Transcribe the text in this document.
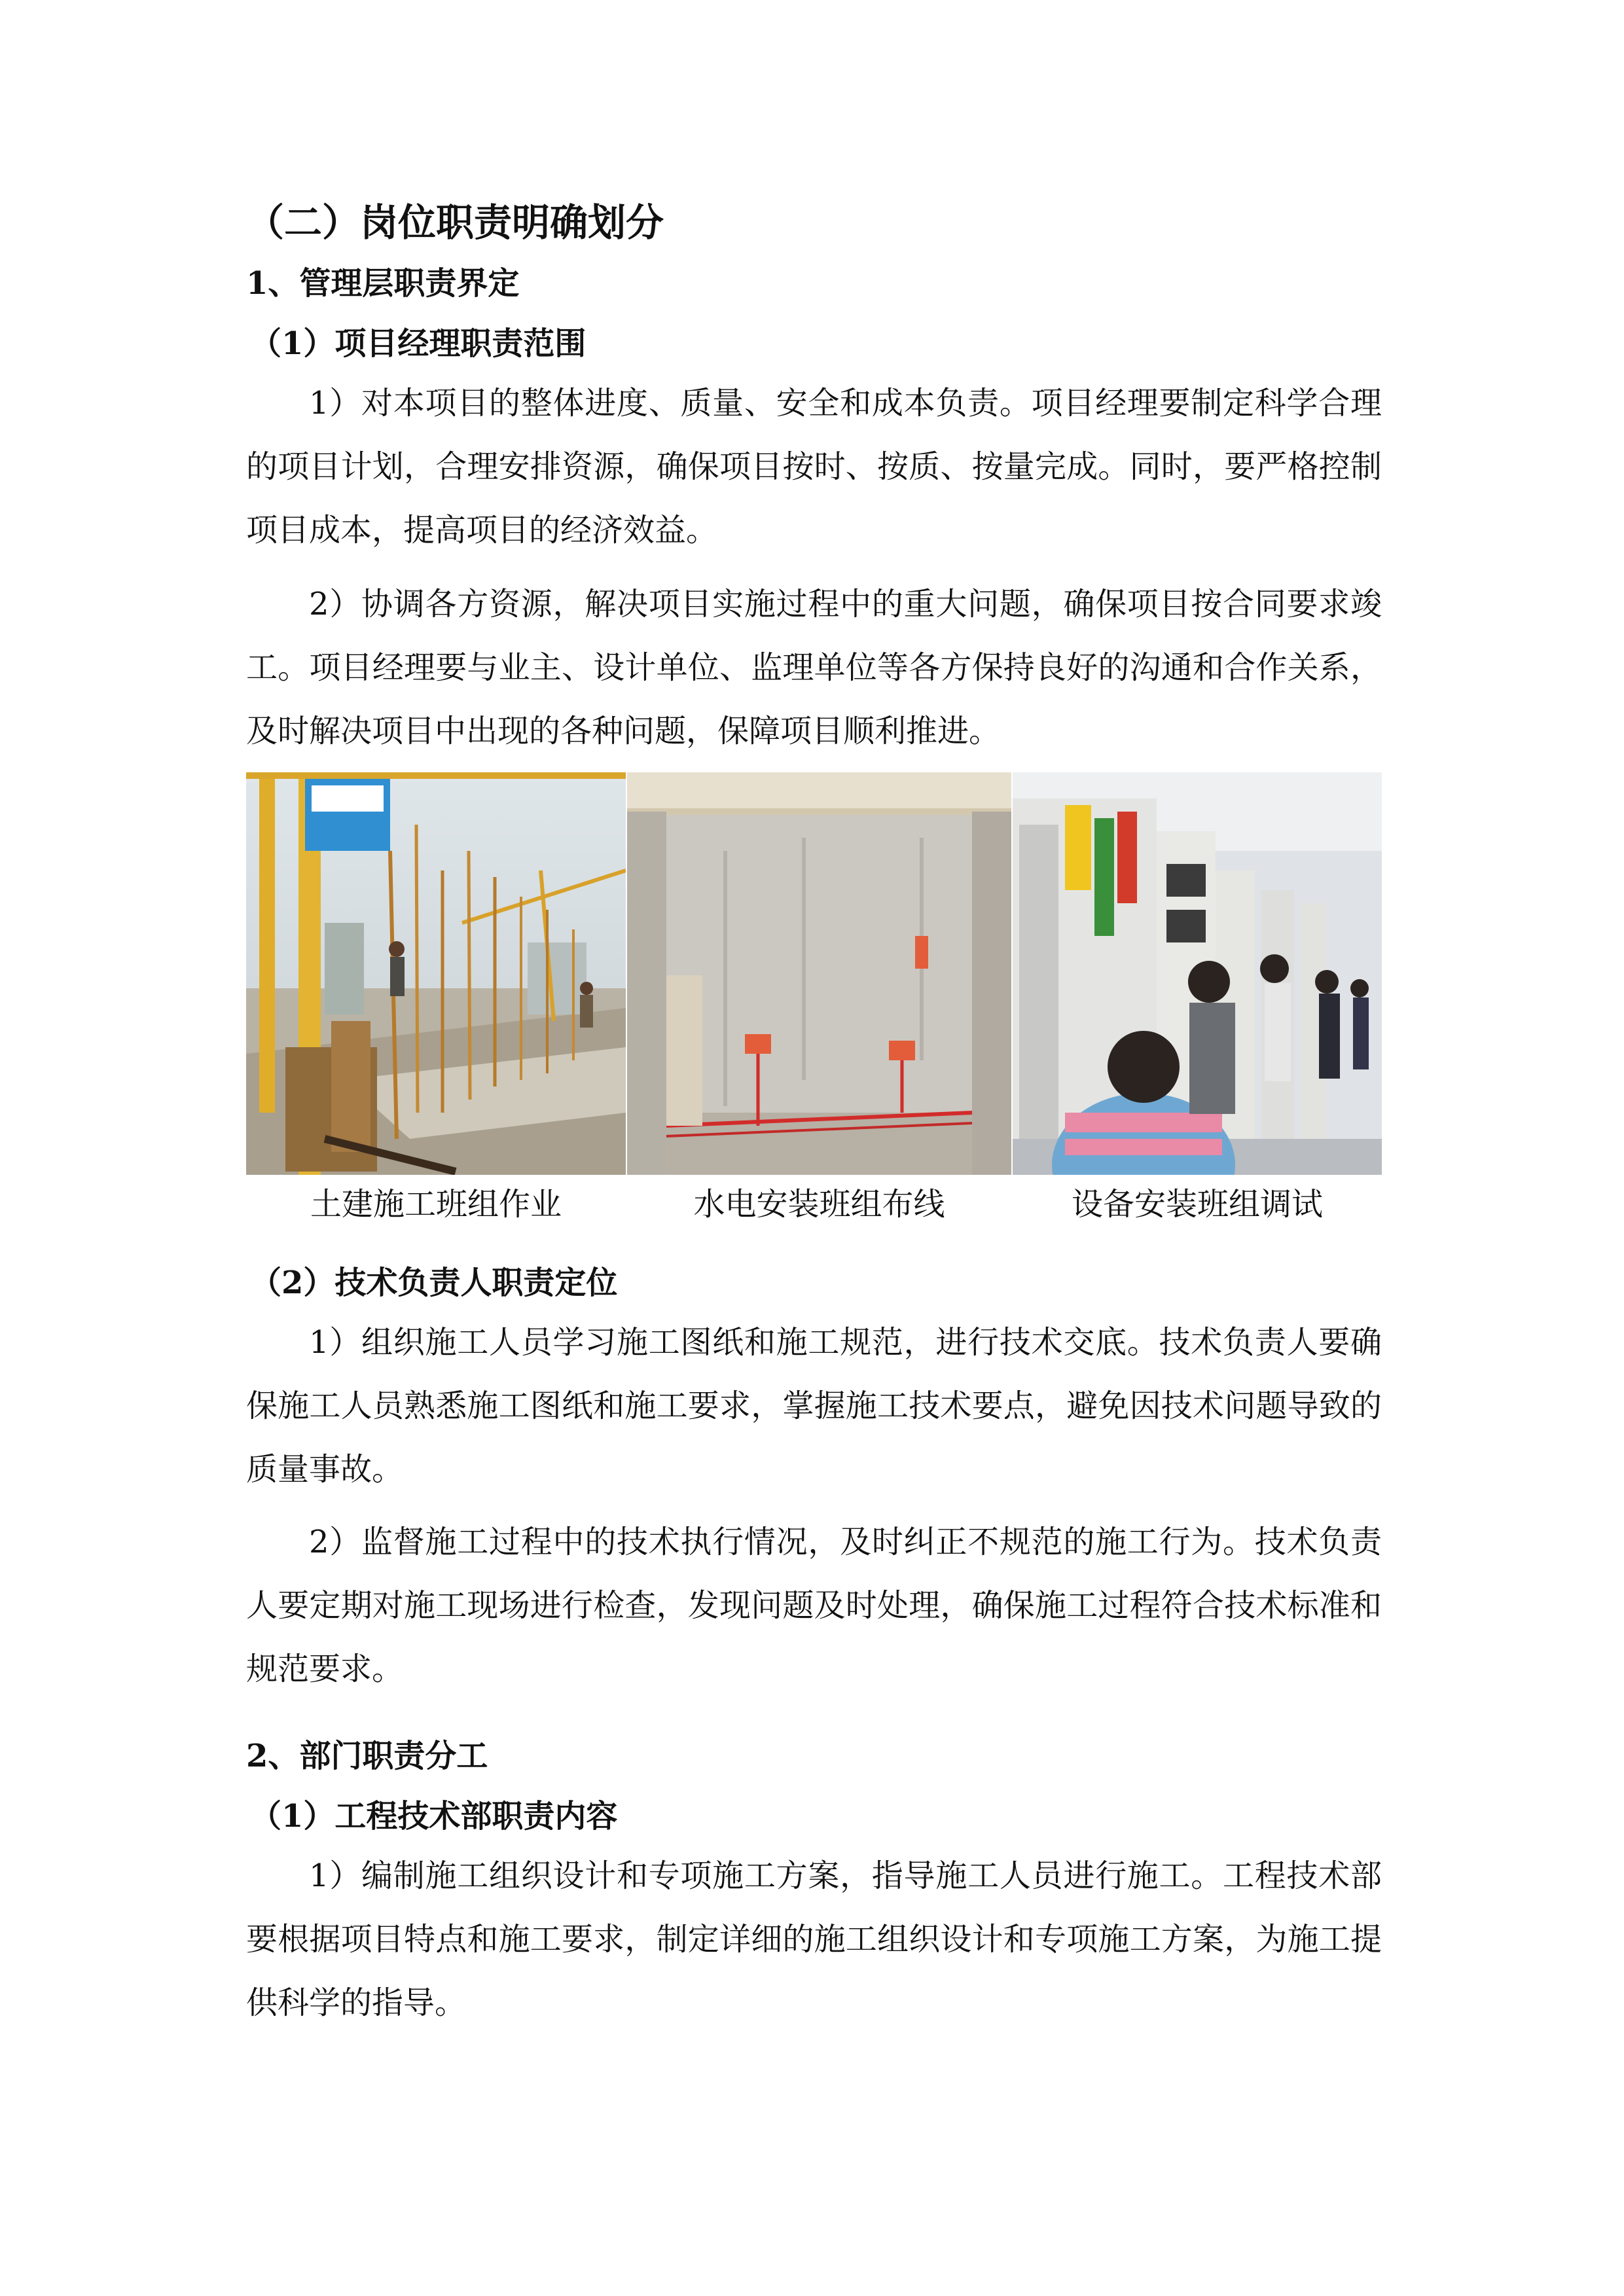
（二）岗位职责明确划分
1、管理层职责界定
（1）项目经理职责范围

1）对本项目的整体进度、质量、安全和成本负责。项目经理要制定科学合理的项目计划，合理安排资源，确保项目按时、按质、按量完成。同时，要严格控制项目成本，提高项目的经济效益。

2）协调各方资源，解决项目实施过程中的重大问题，确保项目按合同要求竣工。项目经理要与业主、设计单位、监理单位等各方保持良好的沟通和合作关系，及时解决项目中出现的各种问题，保障项目顺利推进。

土建施工班组作业	水电安装班组布线	设备安装班组调试
（2）技术负责人职责定位

1）组织施工人员学习施工图纸和施工规范，进行技术交底。技术负责人要确保施工人员熟悉施工图纸和施工要求，掌握施工技术要点，避免因技术问题导致的质量事故。

2）监督施工过程中的技术执行情况，及时纠正不规范的施工行为。技术负责人要定期对施工现场进行检查，发现问题及时处理，确保施工过程符合技术标准和规范要求。

2、部门职责分工
（1）工程技术部职责内容

1）编制施工组织设计和专项施工方案，指导施工人员进行施工。工程技术部要根据项目特点和施工要求，制定详细的施工组织设计和专项施工方案，为施工提供科学的指导。
